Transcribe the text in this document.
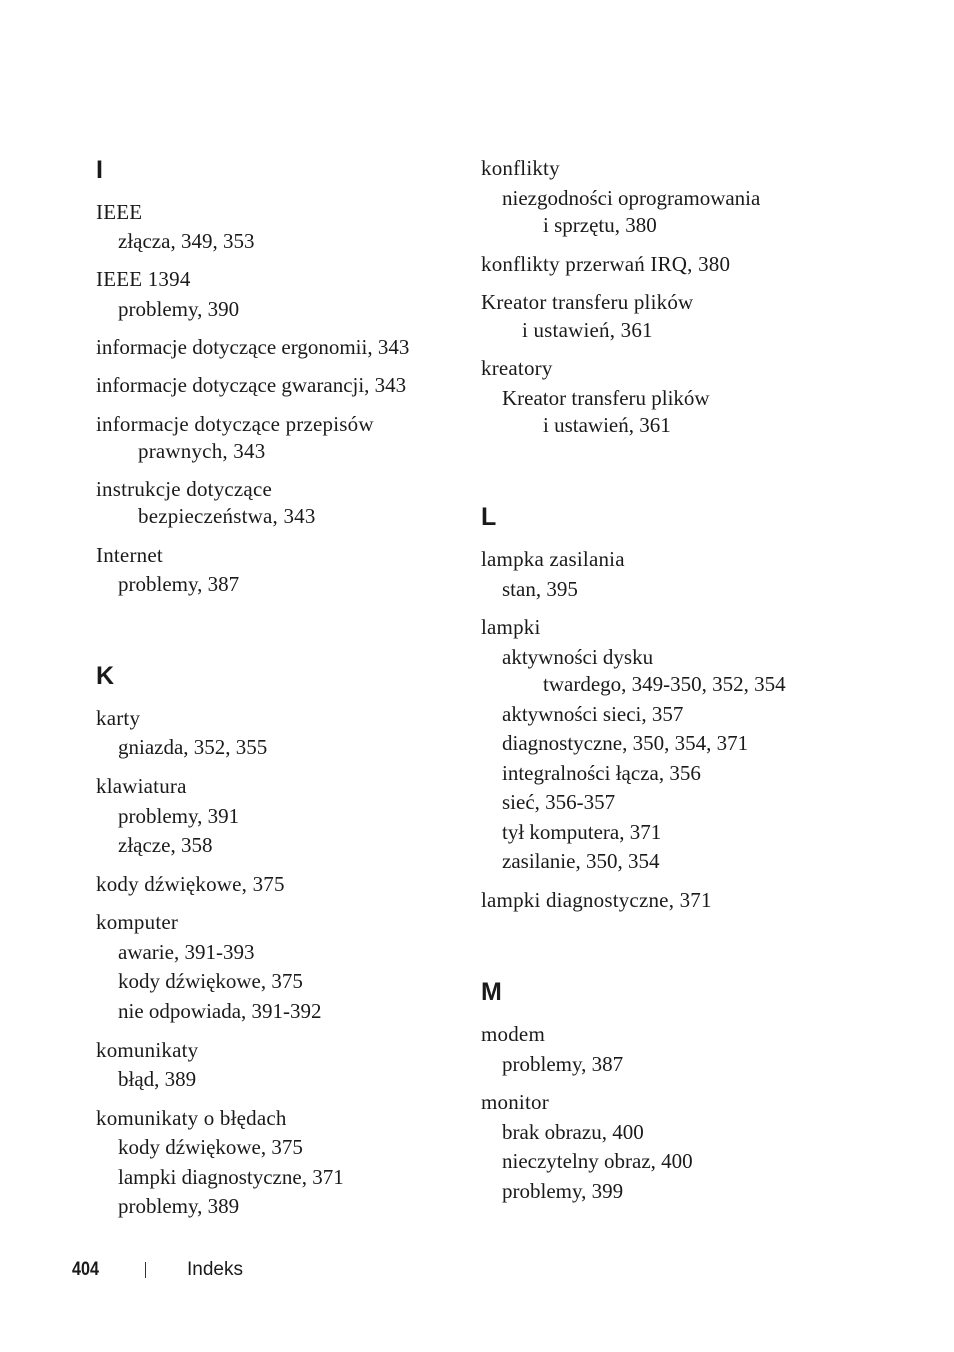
I
IEEE
złącza, 349, 353
IEEE 1394
problemy, 390
informacje dotyczące ergonomii, 343
informacje dotyczące gwarancji, 343
informacje dotyczące przepisów
prawnych, 343
instrukcje dotyczące
bezpieczeństwa, 343
Internet
problemy, 387
K
karty
gniazda, 352, 355
klawiatura
problemy, 391
złącze, 358
kody dźwiękowe, 375
komputer
awarie, 391-393
kody dźwiękowe, 375
nie odpowiada, 391-392
komunikaty
błąd, 389
komunikaty o błędach
kody dźwiękowe, 375
lampki diagnostyczne, 371
problemy, 389
konflikty
niezgodności oprogramowania
i sprzętu, 380
konflikty przerwań IRQ, 380
Kreator transferu plików
i ustawień, 361
kreatory
Kreator transferu plików
i ustawień, 361
L
lampka zasilania
stan, 395
lampki
aktywności dysku
twardego, 349-350, 352, 354
aktywności sieci, 357
diagnostyczne, 350, 354, 371
integralności łącza, 356
sieć, 356-357
tył komputera, 371
zasilanie, 350, 354
lampki diagnostyczne, 371
M
modem
problemy, 387
monitor
brak obrazu, 400
nieczytelny obraz, 400
problemy, 399
404	Indeks
